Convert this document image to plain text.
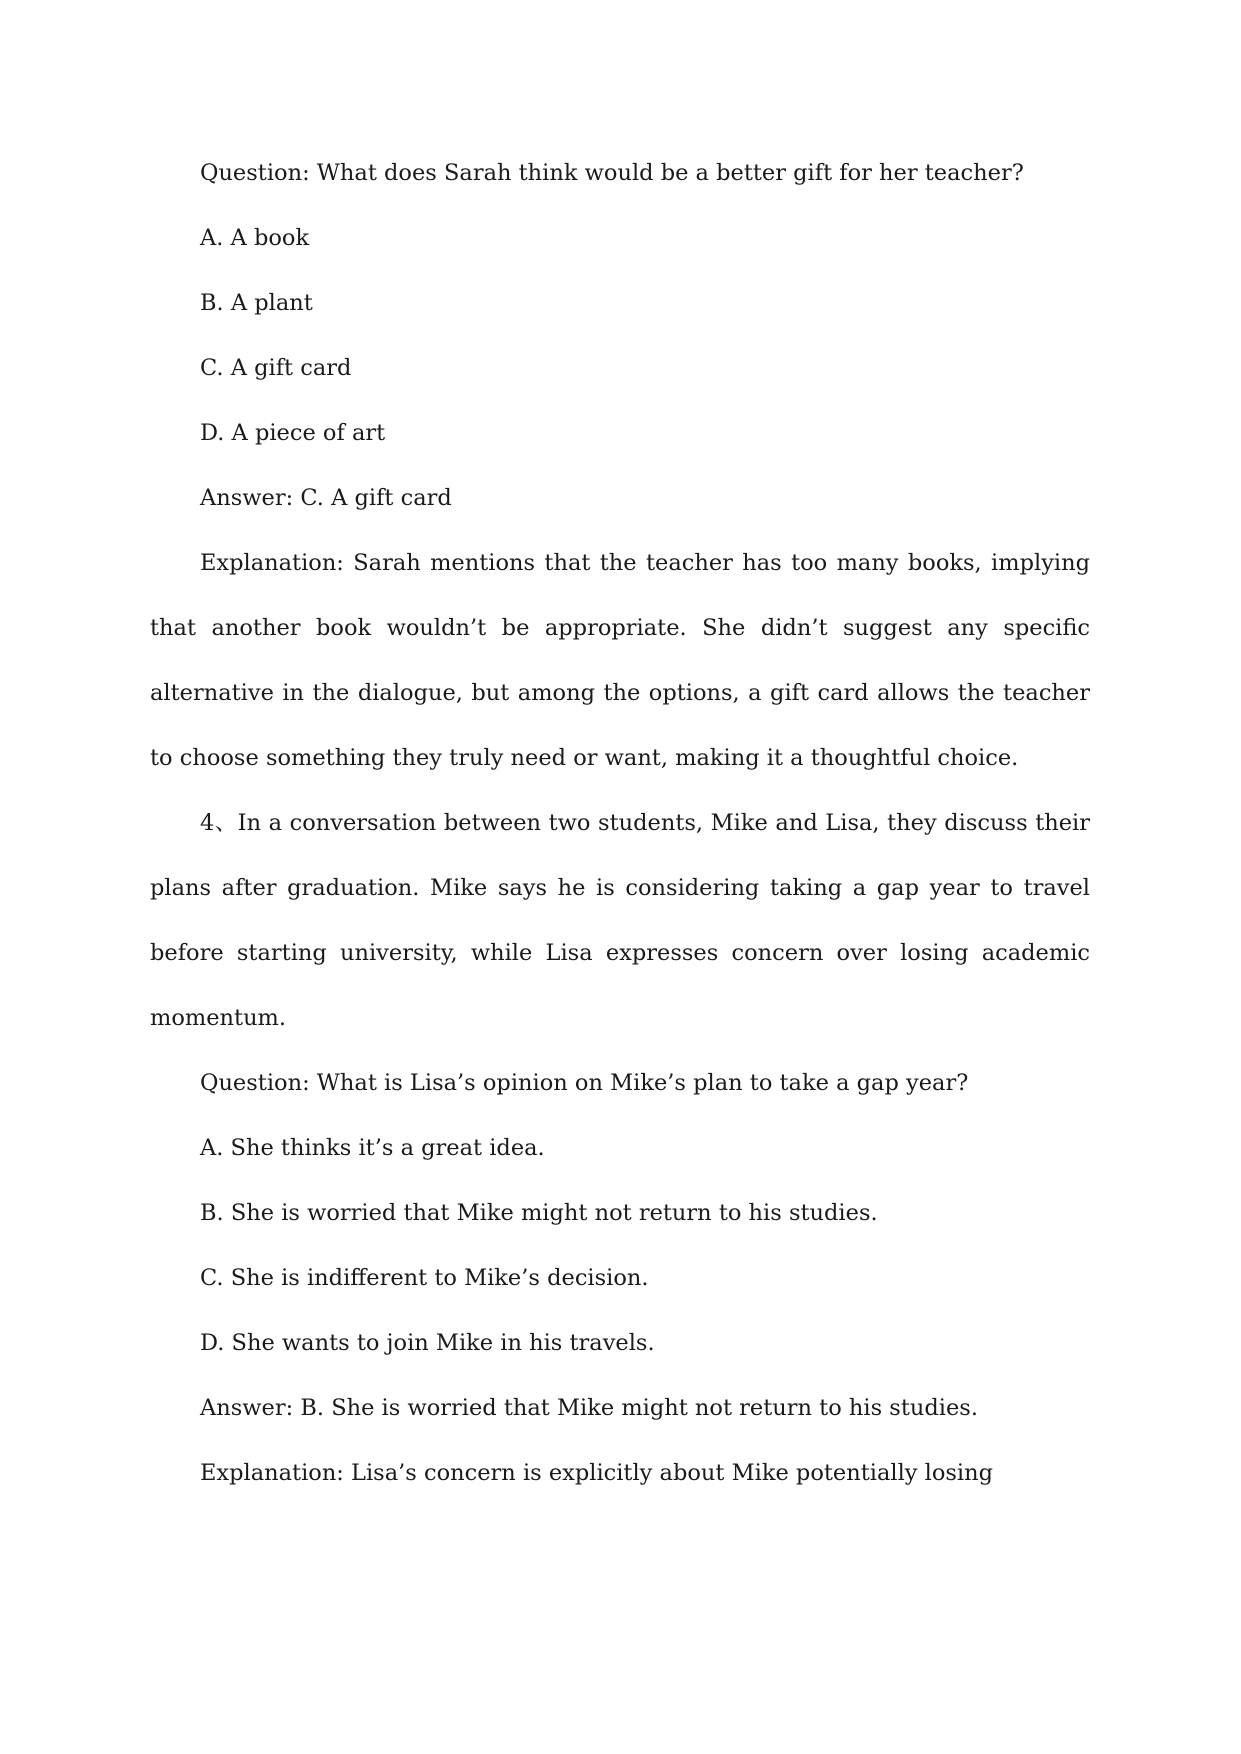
Question: What does Sarah think would be a better gift for her teacher?

A. A book

B. A plant

C. A gift card

D. A piece of art

Answer: C. A gift card

Explanation: Sarah mentions that the teacher has too many books, implying that another book wouldn’t be appropriate. She didn’t suggest any specific alternative in the dialogue, but among the options, a gift card allows the teacher to choose something they truly need or want, making it a thoughtful choice.

4、In a conversation between two students, Mike and Lisa, they discuss their plans after graduation. Mike says he is considering taking a gap year to travel before starting university, while Lisa expresses concern over losing academic momentum.

Question: What is Lisa’s opinion on Mike’s plan to take a gap year?

A. She thinks it’s a great idea.

B. She is worried that Mike might not return to his studies.

C. She is indifferent to Mike’s decision.

D. She wants to join Mike in his travels.

Answer: B. She is worried that Mike might not return to his studies.

Explanation: Lisa’s concern is explicitly about Mike potentially losing
